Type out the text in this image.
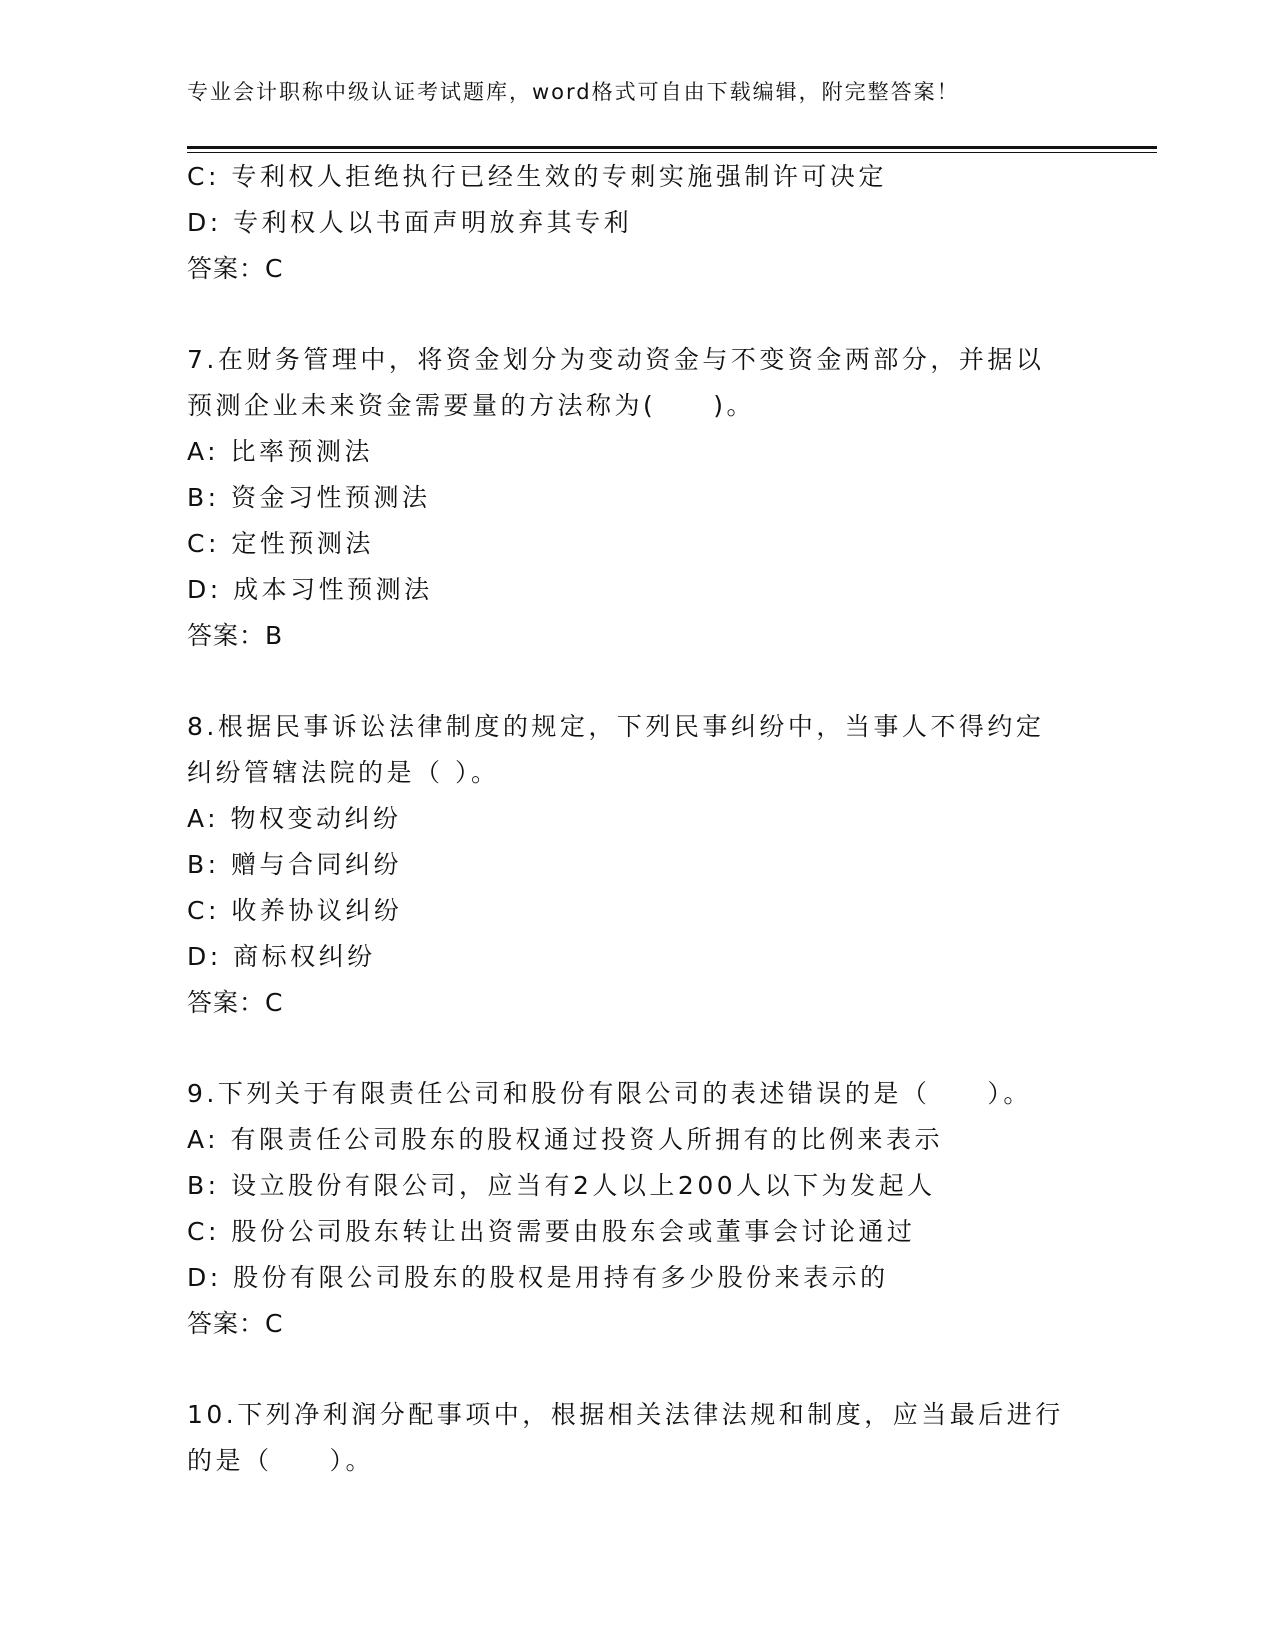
专业会计职称中级认证考试题库，word格式可自由下载编辑，附完整答案！
C: 专利权人拒绝执行已经生效的专刺实施强制许可决定
D: 专利权人以书面声明放弃其专利
答案：C
7.在财务管理中，将资金划分为变动资金与不变资金两部分，并据以
预测企业未来资金需要量的方法称为(　　)。
A: 比率预测法
B: 资金习性预测法
C: 定性预测法
D: 成本习性预测法
答案：B
8.根据民事诉讼法律制度的规定，下列民事纠纷中，当事人不得约定
纠纷管辖法院的是（ ）。
A: 物权变动纠纷
B: 赠与合同纠纷
C: 收养协议纠纷
D: 商标权纠纷
答案：C
9.下列关于有限责任公司和股份有限公司的表述错误的是（　　）。
A: 有限责任公司股东的股权通过投资人所拥有的比例来表示
B: 设立股份有限公司，应当有2人以上200人以下为发起人
C: 股份公司股东转让出资需要由股东会或董事会讨论通过
D: 股份有限公司股东的股权是用持有多少股份来表示的
答案：C
10.下列净利润分配事项中，根据相关法律法规和制度，应当最后进行
的是（　　）。
